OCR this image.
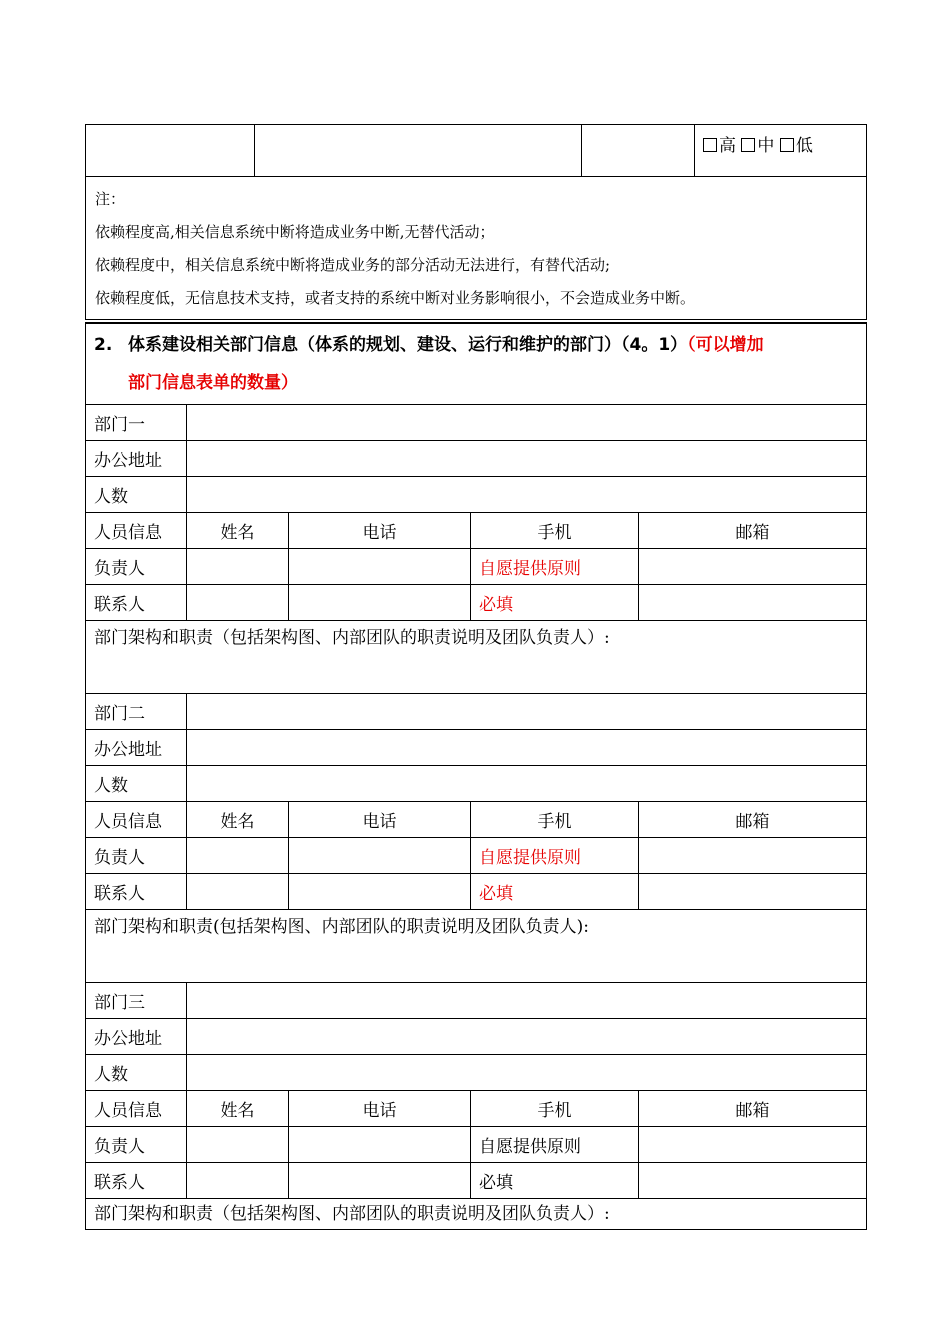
			高 中 低

注：
依赖程度高,相关信息系统中断将造成业务中断,无替代活动；
依赖程度中，相关信息系统中断将造成业务的部分活动无法进行，有替代活动;
依赖程度低，无信息技术支持，或者支持的系统中断对业务影响很小，不会造成业务中断。
2. 体系建设相关部门信息（体系的规划、建设、运行和维护的部门）（4。1）（可以增加
部门信息表单的数量）
部门一				
办公地址				
人数				
人员信息	姓名	电话	手机	邮箱
负责人			自愿提供原则	
联系人			必填	
部门架构和职责（包括架构图、内部团队的职责说明及团队负责人）:				
部门二				
办公地址				
人数				
人员信息	姓名	电话	手机	邮箱
负责人			自愿提供原则	
联系人			必填	
部门架构和职责(包括架构图、内部团队的职责说明及团队负责人):				
部门三				
办公地址				
人数				
人员信息	姓名	电话	手机	邮箱
负责人			自愿提供原则	
联系人			必填	
部门架构和职责（包括架构图、内部团队的职责说明及团队负责人）:				
